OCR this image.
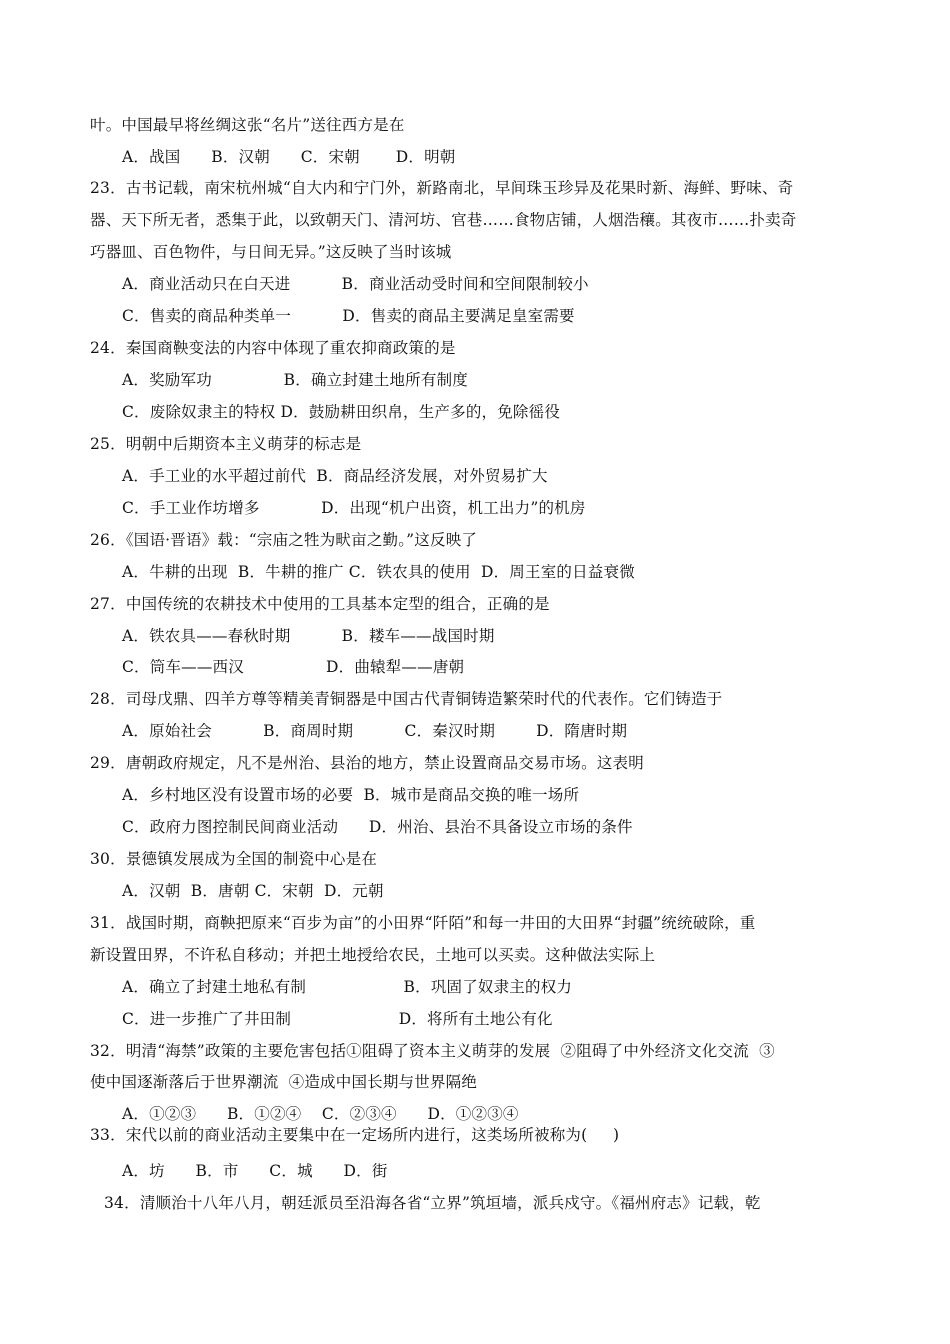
叶。中国最早将丝绸这张“名片”送往西方是在
A．战国      B．汉朝      C．宋朝       D．明朝
23．古书记载，南宋杭州城“自大内和宁门外，新路南北，早间珠玉珍异及花果时新、海鲜、野味、奇
器、天下所无者，悉集于此，以致朝天门、清河坊、官巷……食物店铺，人烟浩穰。其夜市……扑卖奇
巧器皿、百色物件，与日间无异。”这反映了当时该城
A．商业活动只在白天进          B．商业活动受时间和空间限制较小
C．售卖的商品种类单一          D．售卖的商品主要满足皇室需要
24．秦国商鞅变法的内容中体现了重农抑商政策的是
A．奖励军功              B．确立封建土地所有制度
C．废除奴隶主的特权 D．鼓励耕田织帛，生产多的，免除徭役
25．明朝中后期资本主义萌芽的标志是
A．手工业的水平超过前代  B．商品经济发展，对外贸易扩大
C．手工业作坊增多            D．出现“机户出资，机工出力”的机房
26．《国语·晋语》载：“宗庙之牲为畎亩之勤。”这反映了
A．牛耕的出现  B．牛耕的推广 C．铁农具的使用  D．周王室的日益衰微
27．中国传统的农耕技术中使用的工具基本定型的组合，正确的是
A．铁农具——春秋时期          B．耧车——战国时期
C．筒车——西汉                D．曲辕犁——唐朝
28．司母戊鼎、四羊方尊等精美青铜器是中国古代青铜铸造繁荣时代的代表作。它们铸造于
A．原始社会          B．商周时期          C．秦汉时期        D．隋唐时期
29．唐朝政府规定，凡不是州治、县治的地方，禁止设置商品交易市场。这表明
A．乡村地区没有设置市场的必要  B．城市是商品交换的唯一场所
C．政府力图控制民间商业活动      D．州治、县治不具备设立市场的条件
30．景德镇发展成为全国的制瓷中心是在
A．汉朝  B．唐朝 C．宋朝  D．元朝
31．战国时期，商鞅把原来“百步为亩”的小田界“阡陌”和每一井田的大田界“封疆”统统破除，重
新设置田界，不许私自移动；并把土地授给农民，土地可以买卖。这种做法实际上
A．确立了封建土地私有制                   B．巩固了奴隶主的权力
C．进一步推广了井田制                     D．将所有土地公有化
32．明清“海禁”政策的主要危害包括①阻碍了资本主义萌芽的发展  ②阻碍了中外经济文化交流  ③
使中国逐渐落后于世界潮流  ④造成中国长期与世界隔绝
A．①②③      B．①②④    C．②③④      D．①②③④
33．宋代以前的商业活动主要集中在一定场所内进行，这类场所被称为(     )
A．坊      B．市      C．城      D．街
34．清顺治十八年八月，朝廷派员至沿海各省“立界”筑垣墙，派兵戍守。《福州府志》记载，乾
